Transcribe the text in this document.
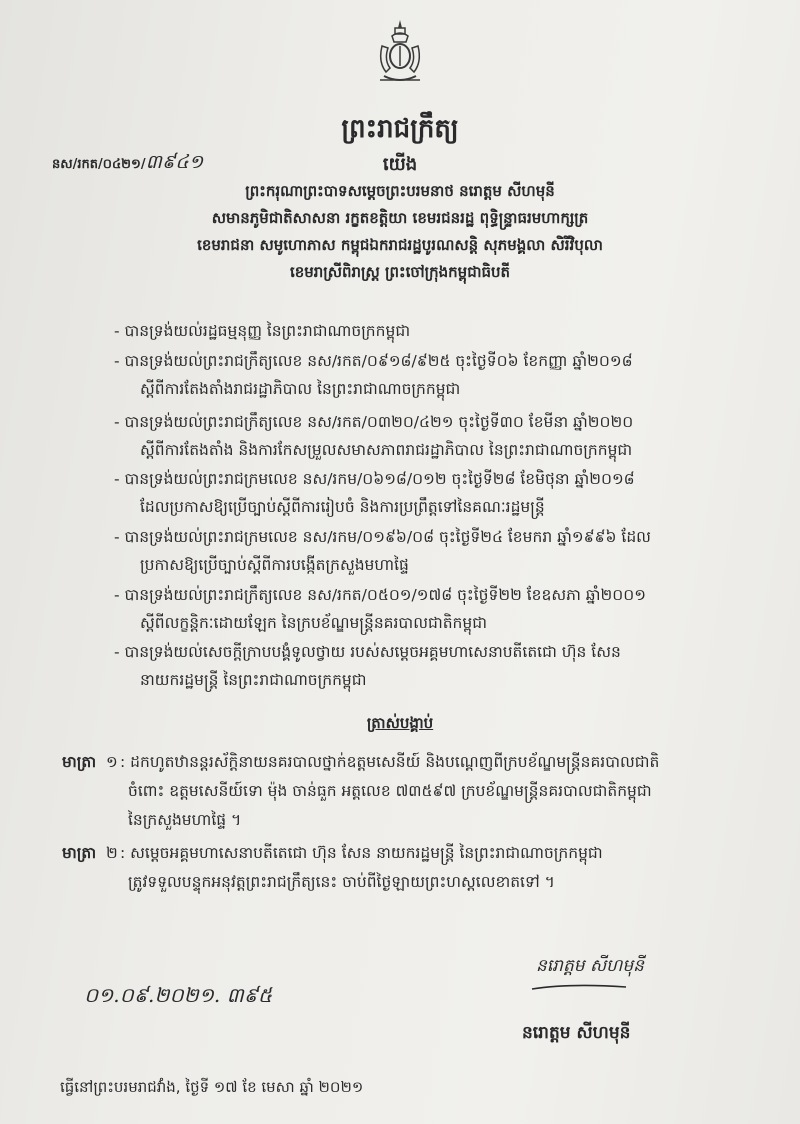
ព្រះរាជក្រឹត្យ
នស/រកត/០៤២១/៣៩៤១	យើង
ព្រះករុណាព្រះបាទសម្តេចព្រះបរមនាថ នរោត្តម សីហមុនី
សមានភូមិជាតិសាសនា រក្ខតខត្តិយា ខេមរជនរដ្ឋ ពុទ្ធិន្ទ្រាធរមហាក្សត្រ
ខេមរាជនា សមូហោភាស កម្ពុជឯករាជរដ្ឋបូរណសន្តិ សុភមង្គលា សិរីវិបុលា
ខេមរាស្រីពិរាស្ត្រ ព្រះចៅក្រុងកម្ពុជាធិបតី
- បានទ្រង់យល់រដ្ឋធម្មនុញ្ញ នៃព្រះរាជាណាចក្រកម្ពុជា
- បានទ្រង់យល់ព្រះរាជក្រឹត្យលេខ នស/រកត/០៩១៨/៩២៥ ចុះថ្ងៃទី០៦ ខែកញ្ញា ឆ្នាំ២០១៨
ស្តីពីការតែងតាំងរាជរដ្ឋាភិបាល នៃព្រះរាជាណាចក្រកម្ពុជា
- បានទ្រង់យល់ព្រះរាជក្រឹត្យលេខ នស/រកត/០៣២០/៤២១ ចុះថ្ងៃទី៣០ ខែមីនា ឆ្នាំ២០២០
ស្តីពីការតែងតាំង និងការកែសម្រួលសមាសភាពរាជរដ្ឋាភិបាល នៃព្រះរាជាណាចក្រកម្ពុជា
- បានទ្រង់យល់ព្រះរាជក្រមលេខ នស/រកម/០៦១៨/០១២ ចុះថ្ងៃទី២៨ ខែមិថុនា ឆ្នាំ២០១៨
ដែលប្រកាសឱ្យប្រើច្បាប់ស្តីពីការរៀបចំ និងការប្រព្រឹត្តទៅនៃគណៈរដ្ឋមន្ត្រី
- បានទ្រង់យល់ព្រះរាជក្រមលេខ នស/រកម/០១៩៦/០៨ ចុះថ្ងៃទី២៤ ខែមករា ឆ្នាំ១៩៩៦ ដែល
ប្រកាសឱ្យប្រើច្បាប់ស្តីពីការបង្កើតក្រសួងមហាផ្ទៃ
- បានទ្រង់យល់ព្រះរាជក្រឹត្យលេខ នស/រកត/០៥០១/១៧៨ ចុះថ្ងៃទី២២ ខែឧសភា ឆ្នាំ២០០១
ស្តីពីលក្ខន្តិកៈដោយឡែក នៃក្របខ័ណ្ឌមន្ត្រីនគរបាលជាតិកម្ពុជា
- បានទ្រង់យល់សេចក្តីក្រាបបង្គំទូលថ្វាយ របស់សម្តេចអគ្គមហាសេនាបតីតេជោ ហ៊ុន សែន
នាយករដ្ឋមន្ត្រី នៃព្រះរាជាណាចក្រកម្ពុជា
ត្រាស់បង្គាប់
មាត្រា ១ : ដកហូតឋានន្តរស័ក្តិនាយនគរបាលថ្នាក់ឧត្តមសេនីយ៍ និងបណ្តេញពីក្របខ័ណ្ឌមន្ត្រីនគរបាលជាតិ
ចំពោះ ឧត្តមសេនីយ៍ទោ ម៉ុង ចាន់ធួក អត្តលេខ ៧៣៥៩៧ ក្របខ័ណ្ឌមន្ត្រីនគរបាលជាតិកម្ពុជា
នៃក្រសួងមហាផ្ទៃ ។
មាត្រា ២ : សម្តេចអគ្គមហាសេនាបតីតេជោ ហ៊ុន សែន នាយករដ្ឋមន្ត្រី នៃព្រះរាជាណាចក្រកម្ពុជា
ត្រូវទទួលបន្ទុកអនុវត្តព្រះរាជក្រឹត្យនេះ ចាប់ពីថ្ងៃឡាយព្រះហស្តលេខាតទៅ ។
០១.០៩.២០២១. ៣៩៥
នរោត្តម សីហមុនី
នរោត្តម សីហមុនី
ធ្វើនៅព្រះបរមរាជវាំង, ថ្ងៃទី ១៧ ខែ មេសា ឆ្នាំ ២០២១
